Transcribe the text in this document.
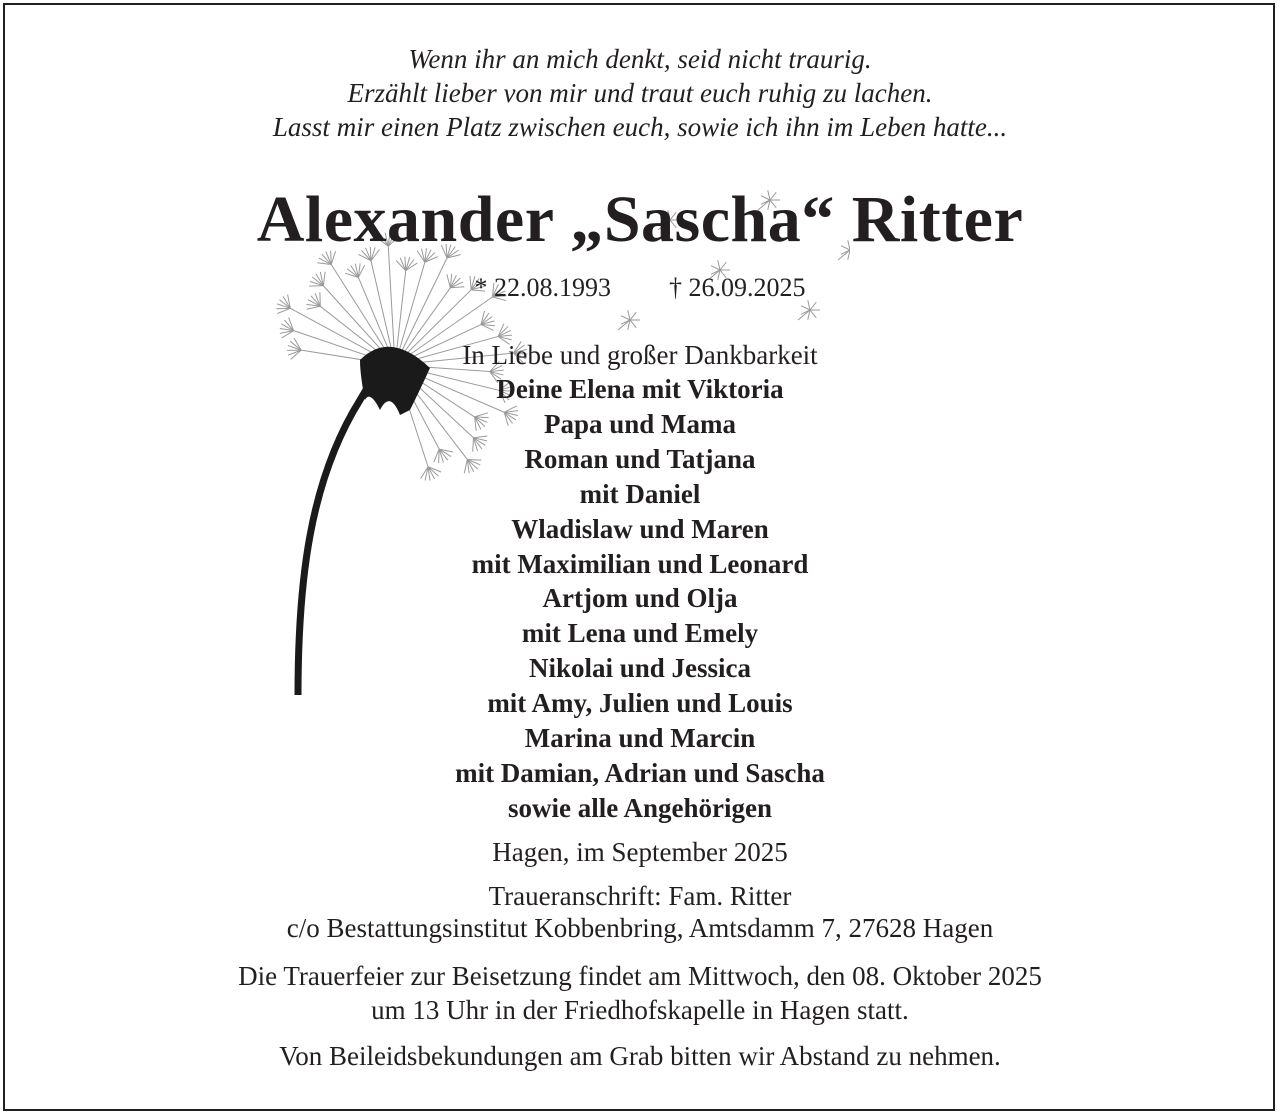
Wenn ihr an mich denkt, seid nicht traurig.
Erzählt lieber von mir und traut euch ruhig zu lachen.
Lasst mir einen Platz zwischen euch, sowie ich ihn im Leben hatte...
Alexander „Sascha“ Ritter
* 22.08.1993 † 26.09.2025
In Liebe und großer Dankbarkeit
Deine Elena mit Viktoria
Papa und Mama
Roman und Tatjana
mit Daniel
Wladislaw und Maren
mit Maximilian und Leonard
Artjom und Olja
mit Lena und Emely
Nikolai und Jessica
mit Amy, Julien und Louis
Marina und Marcin
mit Damian, Adrian und Sascha
sowie alle Angehörigen
Hagen, im September 2025
Traueranschrift: Fam. Ritter
c/o Bestattungsinstitut Kobbenbring, Amtsdamm 7, 27628 Hagen
Die Trauerfeier zur Beisetzung findet am Mittwoch, den 08. Oktober 2025
um 13 Uhr in der Friedhofskapelle in Hagen statt.
Von Beileidsbekundungen am Grab bitten wir Abstand zu nehmen.
